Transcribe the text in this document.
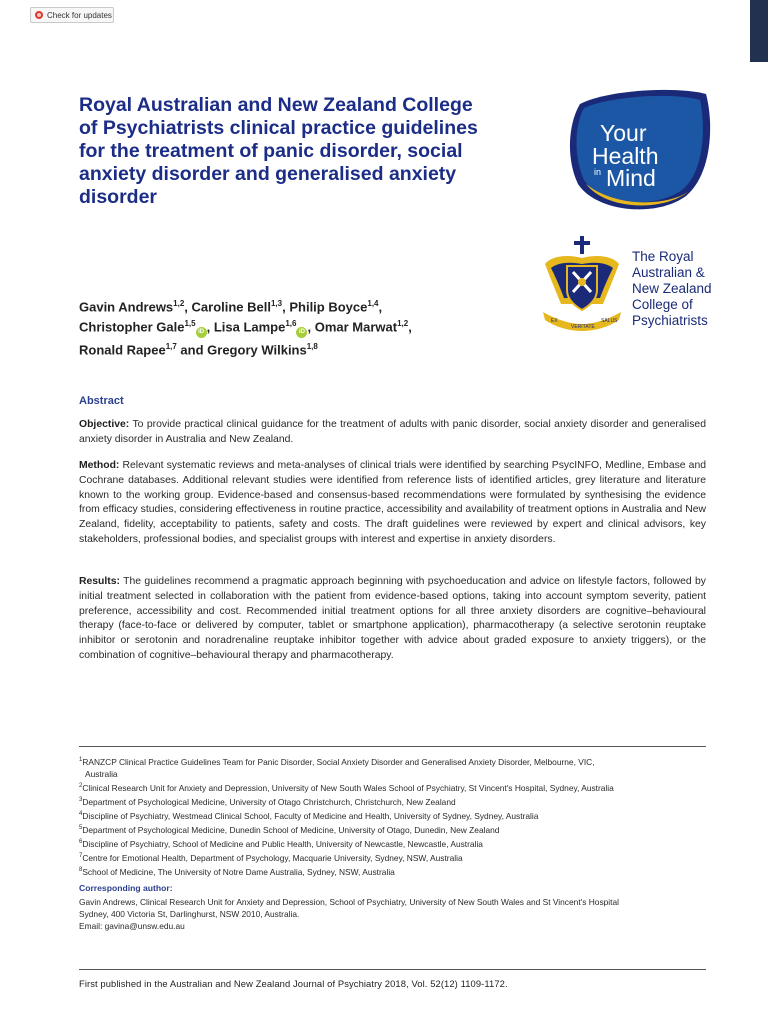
Check for updates
Royal Australian and New Zealand College of Psychiatrists clinical practice guidelines for the treatment of panic disorder, social anxiety disorder and generalised anxiety disorder

Gavin Andrews$^{1,2}$, Caroline Bell$^{1,3}$, Philip Boyce$^{1,4}$,
Christopher Gale$^{1,5}$iD , Lisa Lampe$^{1,6}$iD , Omar Marwat$^{1,2}$,
Ronald Rapee$^{1,7}$ and Gregory Wilkins$^{1,8}$

Your
Health
in Mind
EX
VERITATE
SALUS
The Royal
Australian &
New Zealand
College of
Psychiatrists
Abstract

Objective: To provide practical clinical guidance for the treatment of adults with panic disorder, social anxiety disorder and generalised anxiety disorder in Australia and New Zealand.

Method: Relevant systematic reviews and meta-analyses of clinical trials were identified by searching PsycINFO, Medline, Embase and Cochrane databases. Additional relevant studies were identified from reference lists of identified articles, grey literature and literature known to the working group. Evidence-based and consensus-based recommendations were formulated by synthesising the evidence from efficacy studies, considering effectiveness in routine practice, accessibility and availability of treatment options in Australia and New Zealand, fidelity, acceptability to patients, safety and costs. The draft guidelines were reviewed by expert and clinical advisors, key stakeholders, professional bodies, and specialist groups with interest and expertise in anxiety disorders.

Results: The guidelines recommend a pragmatic approach beginning with psychoeducation and advice on lifestyle factors, followed by initial treatment selected in collaboration with the patient from evidence-based options, taking into account symptom severity, patient preference, accessibility and cost. Recommended initial treatment options for all three anxiety disorders are cognitive–behavioural therapy (face-to-face or delivered by computer, tablet or smartphone application), pharmacotherapy (a selective serotonin reuptake inhibitor or serotonin and noradrenaline reuptake inhibitor together with advice about graded exposure to anxiety triggers), or the combination of cognitive–behavioural therapy and pharmacotherapy.

$^1$RANZCP Clinical Practice Guidelines Team for Panic Disorder, Social Anxiety Disorder and Generalised Anxiety Disorder, Melbourne, VIC,
Australia
$^2$Clinical Research Unit for Anxiety and Depression, University of New South Wales School of Psychiatry, St Vincent's Hospital, Sydney, Australia
$^3$Department of Psychological Medicine, University of Otago Christchurch, Christchurch, New Zealand
$^4$Discipline of Psychiatry, Westmead Clinical School, Faculty of Medicine and Health, University of Sydney, Sydney, Australia
$^5$Department of Psychological Medicine, Dunedin School of Medicine, University of Otago, Dunedin, New Zealand
$^6$Discipline of Psychiatry, School of Medicine and Public Health, University of Newcastle, Newcastle, Australia
$^7$Centre for Emotional Health, Department of Psychology, Macquarie University, Sydney, NSW, Australia
$^8$School of Medicine, The University of Notre Dame Australia, Sydney, NSW, Australia

Corresponding author:

Gavin Andrews, Clinical Research Unit for Anxiety and Depression, School of Psychiatry, University of New South Wales and St Vincent's Hospital
Sydney, 400 Victoria St, Darlinghurst, NSW 2010, Australia.
Email: gavina@unsw.edu.au

First published in the Australian and New Zealand Journal of Psychiatry 2018, Vol. 52(12) 1109-1172.
